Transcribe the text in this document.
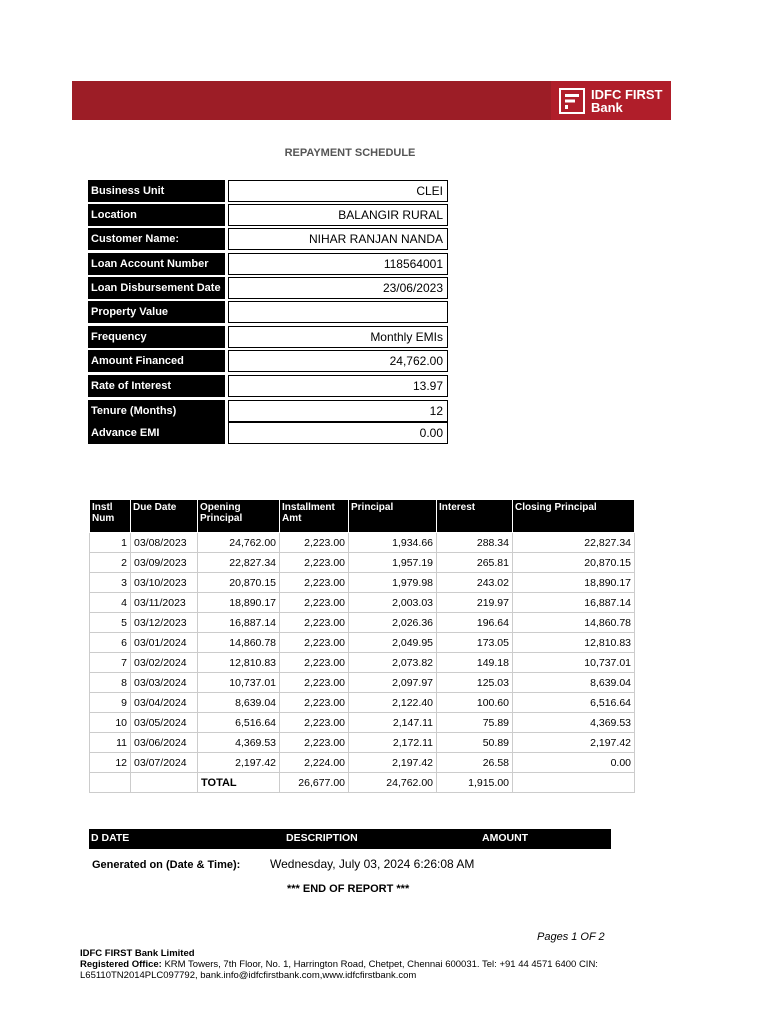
IDFC FIRST
Bank
REPAYMENT SCHEDULE
Business Unit	CLEI
Location	BALANGIR RURAL
Customer Name:	NIHAR RANJAN NANDA
Loan Account Number	118564001
Loan Disbursement Date	23/06/2023
Property Value
Frequency	Monthly EMIs
Amount Financed	24,762.00
Rate of Interest	13.97
Tenure (Months)	12
Advance EMI	0.00
Instl Num	Due Date	Opening Principal	Installment Amt	Principal	Interest	Closing Principal
1	03/08/2023	24,762.00	2,223.00	1,934.66	288.34	22,827.34
2	03/09/2023	22,827.34	2,223.00	1,957.19	265.81	20,870.15
3	03/10/2023	20,870.15	2,223.00	1,979.98	243.02	18,890.17
4	03/11/2023	18,890.17	2,223.00	2,003.03	219.97	16,887.14
5	03/12/2023	16,887.14	2,223.00	2,026.36	196.64	14,860.78
6	03/01/2024	14,860.78	2,223.00	2,049.95	173.05	12,810.83
7	03/02/2024	12,810.83	2,223.00	2,073.82	149.18	10,737.01
8	03/03/2024	10,737.01	2,223.00	2,097.97	125.03	8,639.04
9	03/04/2024	8,639.04	2,223.00	2,122.40	100.60	6,516.64
10	03/05/2024	6,516.64	2,223.00	2,147.11	75.89	4,369.53
11	03/06/2024	4,369.53	2,223.00	2,172.11	50.89	2,197.42
12	03/07/2024	2,197.42	2,224.00	2,197.42	26.58	0.00
		TOTAL	26,677.00	24,762.00	1,915.00	
D DATE	DESCRIPTION	AMOUNT
Generated on (Date & Time): Wednesday, July 03, 2024 6:26:08 AM
*** END OF REPORT ***
Pages 1 OF 2
IDFC FIRST Bank Limited
Registered Office: KRM Towers, 7th Floor, No. 1, Harrington Road, Chetpet, Chennai 600031. Tel: +91 44 4571 6400 CIN:
L65110TN2014PLC097792, bank.info@idfcfirstbank.com,www.idfcfirstbank.com
